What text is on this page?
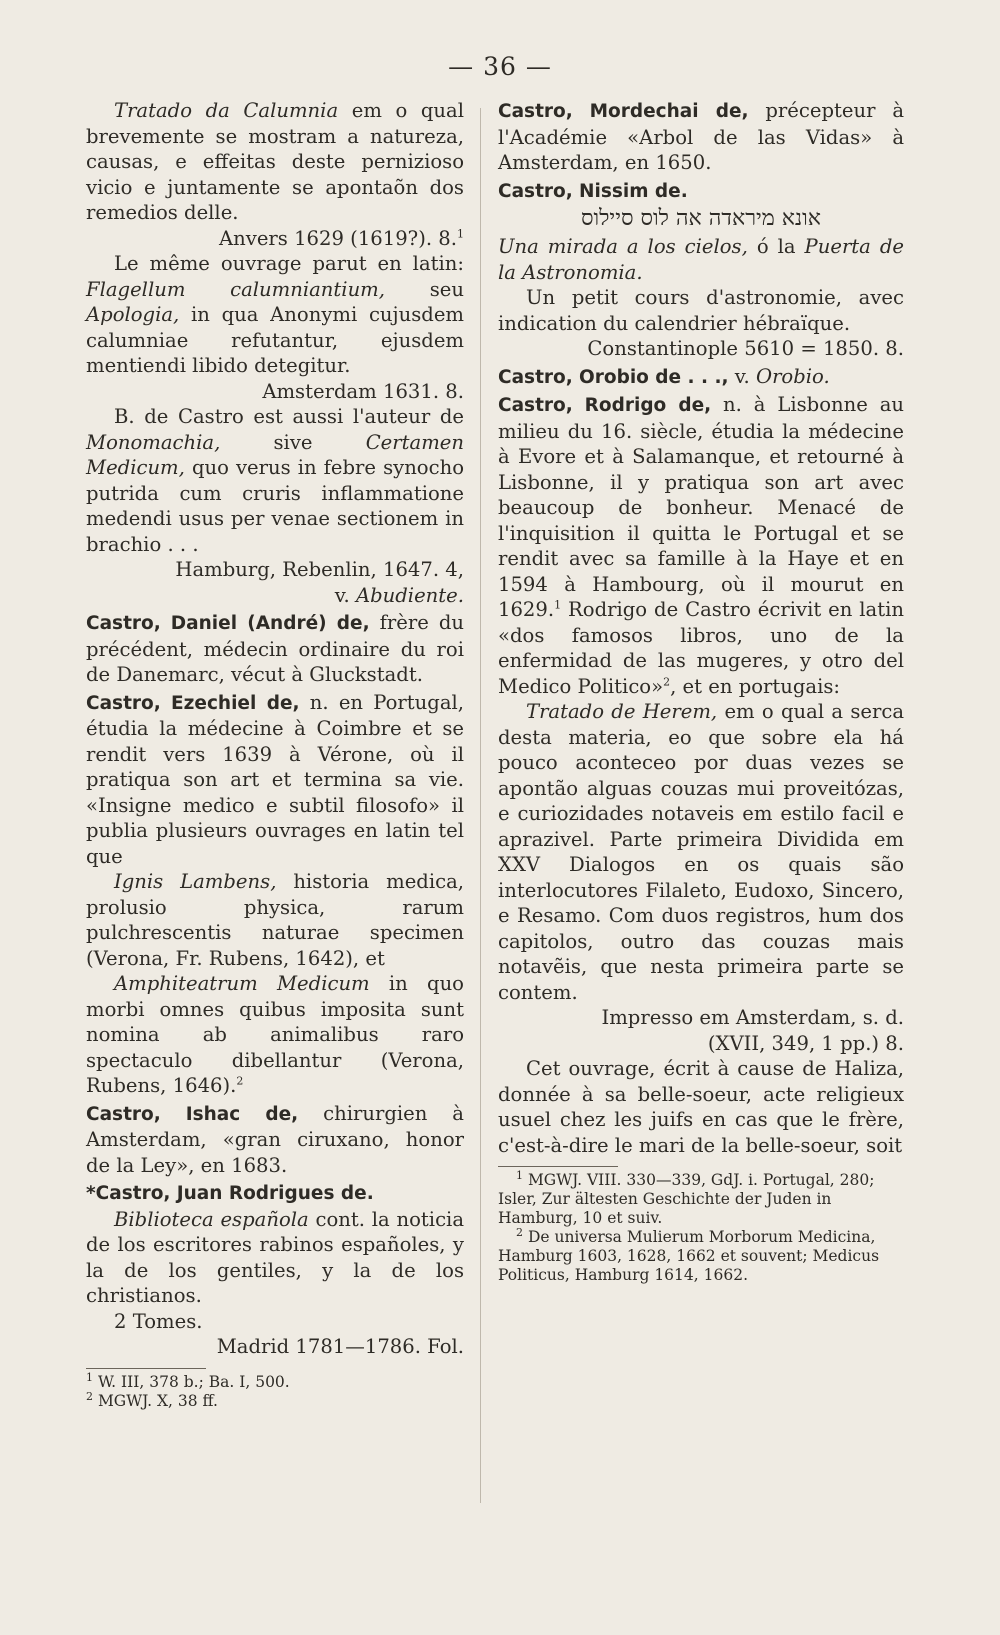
— 36 —

Tratado da Calumnia em o qual brevemente se mostram a natureza, causas, e effeitas deste pernizioso vicio e juntamente se apontaõn dos remedios delle.

Anvers 1629 (1619?). 8.$^1$

Le même ouvrage parut en latin: Flagellum calumniantium, seu Apologia, in qua Anonymi cujusdem calumniae refutantur, ejusdem mentiendi libido detegitur.

Amsterdam 1631. 8.

B. de Castro est aussi l'auteur de Monomachia,	sive	Certamen Medicum, quo verus in febre synocho putrida cum cruris inflammatione medendi usus per venae sectionem in brachio . . .

Hamburg, Rebenlin, 1647. 4,

v. Abudiente.

Castro, Daniel (André) de, frère du précédent, médecin ordinaire du roi de Danemarc, vécut à Gluckstadt.

Castro, Ezechiel de, n. en Portugal, étudia la médecine à Coimbre et se rendit vers 1639 à Vérone, où il pratiqua son art et termina sa vie. «Insigne medico e subtil filosofo» il publia plusieurs ouvrages en latin tel que

Ignis Lambens, historia medica, prolusio physica, rarum pulchrescentis naturae specimen (Verona, Fr. Rubens, 1642), et

Amphiteatrum Medicum in quo morbi omnes quibus imposita sunt nomina ab animalibus raro spectaculo dibellantur (Verona, Rubens, 1646).$^2$

Castro, Ishac de, chirurgien à Amsterdam, «gran ciruxano, honor de la Ley», en 1683.

*Castro, Juan Rodrigues de.

Biblioteca española cont. la noticia de los escritores rabinos españoles, y la de los gentiles, y la de los christianos.

2 Tomes.

Madrid 1781—1786. Fol.

$^1$ W. III, 378 b.; Ba. I, 500.

$^2$ MGWJ. X, 38 ff.

Castro, Mordechai de, précepteur à l'Académie «Arbol de las Vidas» à Amsterdam, en 1650.

Castro, Nissim de.

אונא מיראדה אה לוס סיילוס

Una mirada a los cielos, ó la Puerta de la Astronomia.

Un petit cours d'astronomie, avec indication du calendrier hébraïque.

Constantinople 5610 = 1850. 8.

Castro, Orobio de . . ., v. Orobio.

Castro, Rodrigo de, n. à Lisbonne au milieu du 16. siècle, étudia la médecine à Evore et à Salamanque, et retourné à Lisbonne, il y pratiqua son art avec beaucoup de bonheur. Menacé de l'inquisition il quitta le Portugal et se rendit avec sa famille à la Haye et en 1594 à Hambourg, où il mourut en 1629.$^1$ Rodrigo de Castro écrivit en latin «dos famosos libros, uno de la enfermidad de las mugeres, y otro del Medico Politico»$^2$, et en portugais:

Tratado de Herem, em o qual a serca desta materia, eo que sobre ela há pouco aconteceo por duas vezes se apontão alguas couzas mui proveitózas, e curiozidades notaveis em estilo facil e aprazivel. Parte primeira Dividida em XXV Dialogos en os quais são interlocutores Filaleto, Eudoxo, Sincero, e Resamo. Com duos registros, hum dos capitolos, outro das couzas mais notavẽis, que nesta primeira parte se contem.

Impresso em Amsterdam, s. d.

(XVII, 349, 1 pp.) 8.

Cet ouvrage, écrit à cause de Haliza, donnée à sa belle-soeur, acte religieux usuel chez les juifs en cas que le frère, c'est-à-dire le mari de la belle-soeur, soit

$^1$ MGWJ. VIII. 330—339, GdJ. i. Portugal, 280; Isler, Zur ältesten Geschichte der Juden in Hamburg, 10 et suiv.

$^2$ De universa Mulierum Morborum Medicina, Hamburg 1603, 1628, 1662 et souvent; Medicus Politicus, Hamburg 1614, 1662.
